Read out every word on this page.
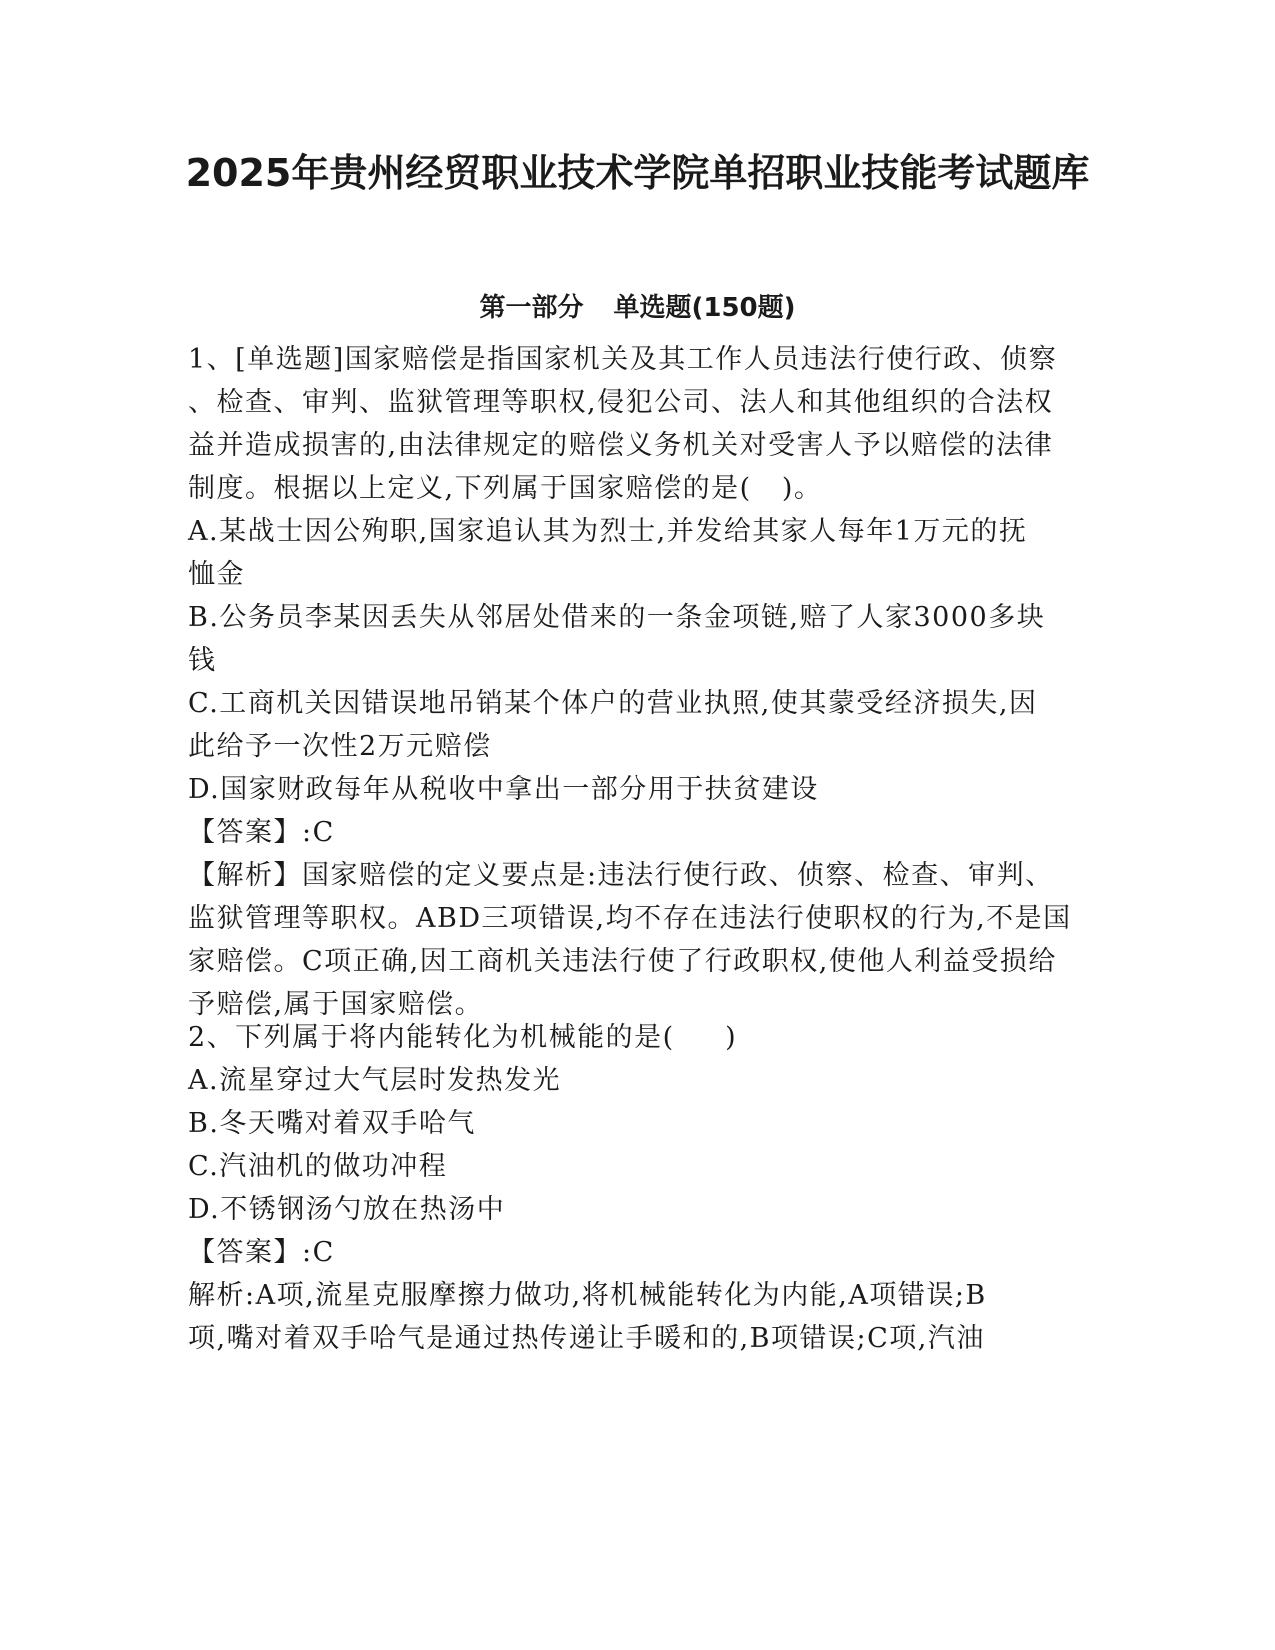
2025年贵州经贸职业技术学院单招职业技能考试题库
第一部分 单选题(150题)
1、[单选题]国家赔偿是指国家机关及其工作人员违法行使行政、侦察
、检查、审判、监狱管理等职权,侵犯公司、法人和其他组织的合法权
益并造成损害的,由法律规定的赔偿义务机关对受害人予以赔偿的法律
制度。根据以上定义,下列属于国家赔偿的是(   )。
A.某战士因公殉职,国家追认其为烈士,并发给其家人每年1万元的抚
恤金
B.公务员李某因丢失从邻居处借来的一条金项链,赔了人家3000多块
钱
C.工商机关因错误地吊销某个体户的营业执照,使其蒙受经济损失,因
此给予一次性2万元赔偿
D.国家财政每年从税收中拿出一部分用于扶贫建设
【答案】:C
【解析】国家赔偿的定义要点是:违法行使行政、侦察、检查、审判、
监狱管理等职权。ABD三项错误,均不存在违法行使职权的行为,不是国
家赔偿。C项正确,因工商机关违法行使了行政职权,使他人利益受损给
予赔偿,属于国家赔偿。
2、下列属于将内能转化为机械能的是(     )
A.流星穿过大气层时发热发光
B.冬天嘴对着双手哈气
C.汽油机的做功冲程
D.不锈钢汤勺放在热汤中
【答案】:C
解析:A项,流星克服摩擦力做功,将机械能转化为内能,A项错误;B
项,嘴对着双手哈气是通过热传递让手暖和的,B项错误;C项,汽油
